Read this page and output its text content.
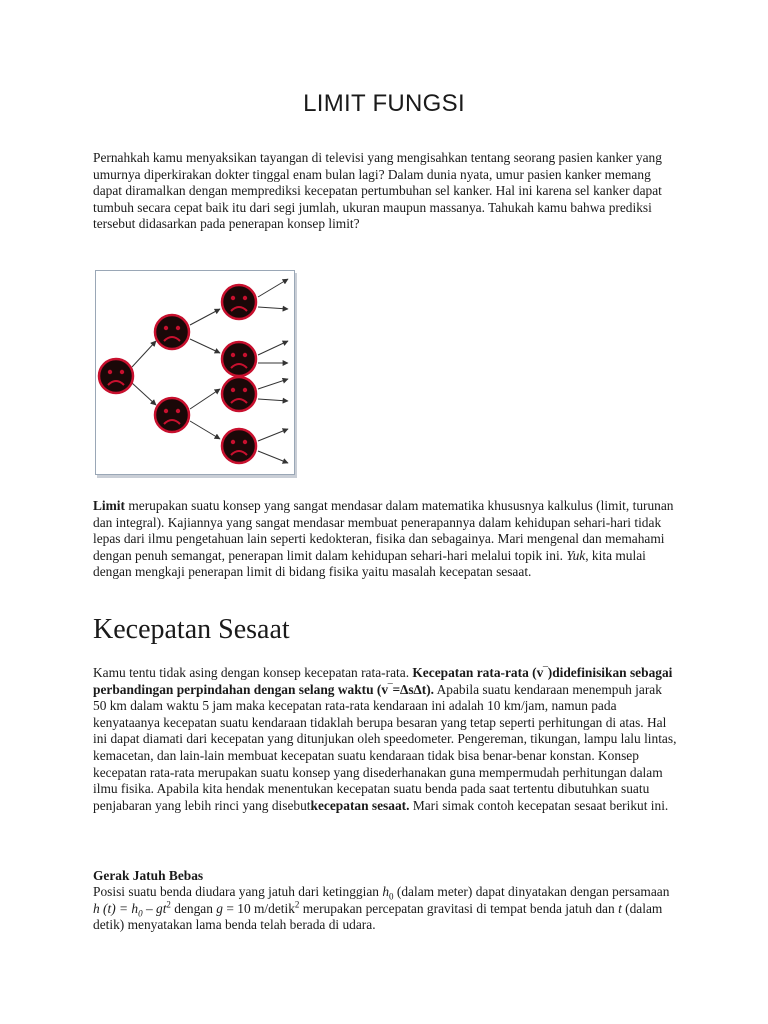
LIMIT FUNGSI
Pernahkah kamu menyaksikan tayangan di televisi yang mengisahkan tentang seorang pasien kanker yang umurnya diperkirakan dokter tinggal enam bulan lagi? Dalam dunia nyata, umur pasien kanker memang dapat diramalkan dengan memprediksi kecepatan pertumbuhan sel kanker. Hal ini karena sel kanker dapat tumbuh secara cepat baik itu dari segi jumlah, ukuran maupun massanya. Tahukah kamu bahwa prediksi tersebut didasarkan pada penerapan konsep limit?
Limit merupakan suatu konsep yang sangat mendasar dalam matematika khususnya kalkulus (limit, turunan dan integral). Kajiannya yang sangat mendasar membuat penerapannya dalam kehidupan sehari-hari tidak lepas dari ilmu pengetahuan lain seperti kedokteran, fisika dan sebagainya. Mari mengenal dan memahami dengan penuh semangat, penerapan limit dalam kehidupan sehari-hari melalui topik ini. Yuk, kita mulai dengan mengkaji penerapan limit di bidang fisika yaitu masalah kecepatan sesaat.
Kecepatan Sesaat
Kamu tentu tidak asing dengan konsep kecepatan rata-rata. Kecepatan rata-rata (v‾)didefinisikan sebagai perbandingan perpindahan dengan selang waktu (v‾=∆s∆t). Apabila suatu kendaraan menempuh jarak 50 km dalam waktu 5 jam maka kecepatan rata-rata kendaraan ini adalah 10 km/jam, namun pada kenyataanya kecepatan suatu kendaraan tidaklah berupa besaran yang tetap seperti perhitungan di atas. Hal ini dapat diamati dari kecepatan yang ditunjukan oleh speedometer. Pengereman, tikungan, lampu lalu lintas, kemacetan, dan lain-lain membuat kecepatan suatu kendaraan tidak bisa benar-benar konstan. Konsep kecepatan rata-rata merupakan suatu konsep yang disederhanakan guna mempermudah perhitungan dalam ilmu fisika. Apabila kita hendak menentukan kecepatan suatu benda pada saat tertentu dibutuhkan suatu penjabaran yang lebih rinci yang disebutkecepatan sesaat. Mari simak contoh kecepatan sesaat berikut ini.
Gerak Jatuh Bebas
Posisi suatu benda diudara yang jatuh dari ketinggian $h_0$ (dalam meter) dapat dinyatakan dengan persamaan h $(t) = h_0 - gt^2$ dengan g = 10 m/detik$^2$ merupakan percepatan gravitasi di tempat benda jatuh dan t (dalam detik) menyatakan lama benda telah berada di udara.
